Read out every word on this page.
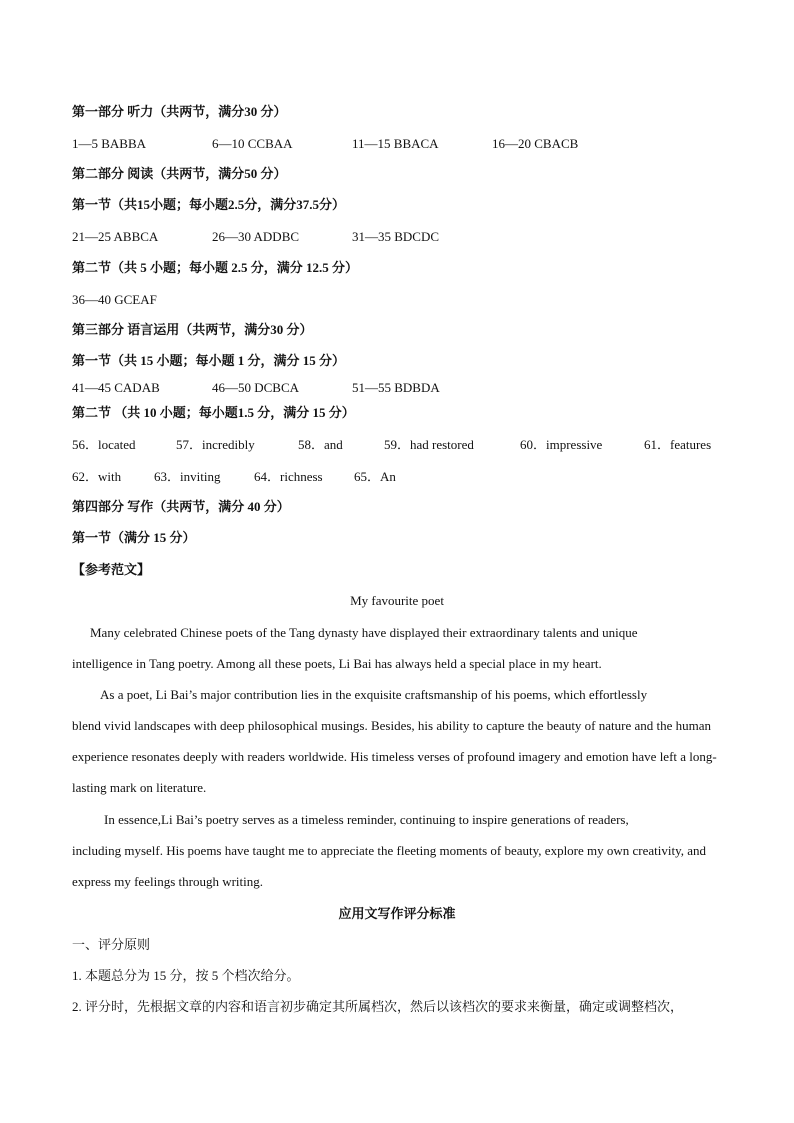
第一部分 听力（共两节，满分30 分）
1—5 BABBA	6—10 CCBAA	11—15 BBACA	16—20 CBACB
第二部分 阅读（共两节，满分50 分）
第一节（共15小题；每小题2.5分，满分37.5分）
21—25 ABBCA	26—30 ADDBC	31—35 BDCDC
第二节（共 5 小题；每小题 2.5 分，满分 12.5 分）
36—40 GCEAF
第三部分 语言运用（共两节，满分30 分）
第一节（共 15 小题；每小题 1 分，满分 15 分）
41—45 CADAB	46—50 DCBCA	51—55 BDBDA
第二节 （共 10 小题；每小题1.5 分，满分 15 分）
56．located	57．incredibly	58．and	59．had restored	60．impressive	61．features
62．with	63．inviting	64．richness 65．An
第四部分 写作（共两节，满分 40 分）
第一节（满分 15 分）
【参考范文】
My favourite poet
Many celebrated Chinese poets of the Tang dynasty have displayed their extraordinary talents and unique
intelligence in Tang poetry. Among all these poets, Li Bai has always held a special place in my heart.
As a poet, Li Bai’s major contribution lies in the exquisite craftsmanship of his poems, which effortlessly
blend vivid landscapes with deep philosophical musings. Besides, his ability to capture the beauty of nature and the human experience resonates deeply with readers worldwide. His timeless verses of profound imagery and emotion have left a long-lasting mark on literature.
In essence,Li Bai’s poetry serves as a timeless reminder, continuing to inspire generations of readers,
including myself. His poems have taught me to appreciate the fleeting moments of beauty, explore my own creativity, and express my feelings through writing.
应用文写作评分标准
一、评分原则
1. 本题总分为 15 分，按 5 个档次给分。
2. 评分时，先根据文章的内容和语言初步确定其所属档次，然后以该档次的要求来衡量，确定或调整档次，
